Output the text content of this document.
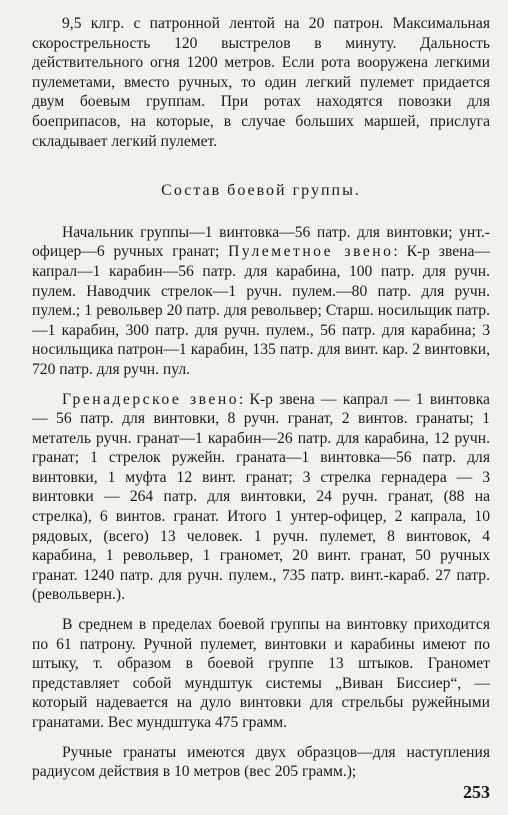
9,5 клгр. с патронной лентой на 20 патрон. Максимальная скорострельность 120 выстрелов в минуту. Дальность действительного огня 1200 метров. Если рота вооружена легкими пулеметами, вместо ручных, то один легкий пулемет придается двум боевым группам. При ротах находятся повозки для боеприпасов, на которые, в случае больших маршей, прислуга складывает легкий пулемет.

Состав боевой группы.

Начальник группы—1 винтовка—56 патр. для винтовки; унт.-офицер—6 ручных гранат; Пулеметное звено: К-р звена—капрал—1 карабин—56 патр. для карабина, 100 патр. для ручн. пулем. Наводчик стрелок—1 ручн. пулем.—80 патр. для ручн. пулем.; 1 револьвер 20 патр. для револьвер; Старш. носильщик патр.—1 карабин, 300 патр. для ручн. пулем., 56 патр. для карабина; 3 носильщика патрон—1 карабин, 135 патр. для винт. кар. 2 винтовки, 720 патр. для ручн. пул.

Гренадерское звено: К-р звена — капрал — 1 винтовка — 56 патр. для винтовки, 8 ручн. гранат, 2 винтов. гранаты; 1 метатель ручн. гранат—1 карабин—26 патр. для карабина, 12 ручн. гранат; 1 стрелок ружейн. граната—1 винтовка—56 патр. для винтовки, 1 муфта 12 винт. гранат; 3 стрелка гернадера — 3 винтовки — 264 патр. для винтовки, 24 ручн. гранат, (88 на стрелка), 6 винтов. гранат. Итого 1 унтер-офицер, 2 капрала, 10 рядовых, (всего) 13 человек. 1 ручн. пулемет, 8 винтовок, 4 карабина, 1 револьвер, 1 граномет, 20 винт. гранат, 50 ручных гранат. 1240 патр. для ручн. пулем., 735 патр. винт.-караб. 27 патр. (револьверн.).

В среднем в пределах боевой группы на винтовку приходится по 61 патрону. Ручной пулемет, винтовки и карабины имеют по штыку, т. образом в боевой группе 13 штыков. Граномет представляет собой мундштук системы „Виван Биссиер“, — который надевается на дуло винтовки для стрельбы ружейными гранатами. Вес мундштука 475 грамм.

Ручные гранаты имеются двух образцов—для наступления радиусом действия в 10 метров (вес 205 грамм.);

253
